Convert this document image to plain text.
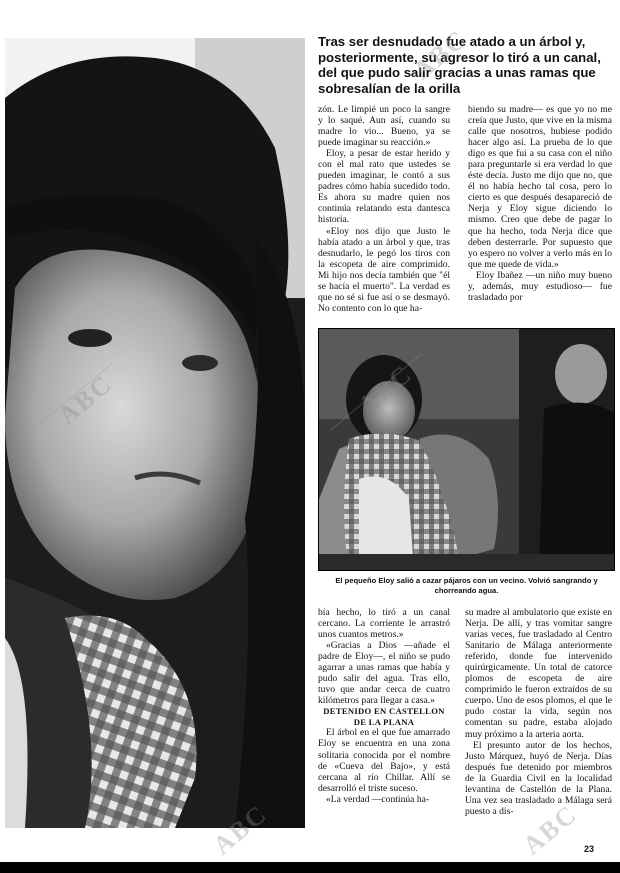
Tras ser desnudado fue atado a un árbol y, posteriormente, su agresor lo tiró a un canal, del que pudo salir gracias a unas ramas que sobresalían de la orilla

zón. Le limpié un poco la sangre y lo saqué. Aun así, cuando su madre lo vio... Bueno, ya se puede imaginar su reacción.»

Eloy, a pesar de estar herido y con el mal rato que ustedes se pueden imaginar, le contó a sus padres cómo había sucedido todo. Es ahora su madre quien nos continúa relatando esta dantesca historia.

«Eloy nos dijo que Justo le había atado a un árbol y que, tras desnudarlo, le pegó los tiros con la escopeta de aire comprimido. Mi hijo nos decía también que "él se hacía el muerto". La verdad es que no sé si fue así o se desmayó. No contento con lo que ha-

biendo su madre— es que yo no me creía que Justo, que vive en la misma calle que nosotros, hubiese podido hacer algo así. La prueba de lo que digo es que fui a su casa con el niño para preguntarle si era verdad lo que éste decía. Justo me dijo que no, que él no había hecho tal cosa, pero lo cierto es que después desapareció de Nerja y Eloy sigue diciendo lo mismo. Creo que debe de pagar lo que ha hecho, toda Nerja dice que deben desterrarle. Por supuesto que yo espero no volver a verlo más en lo que me quede de vida.»

Eloy Ibañez —un niño muy bueno y, además, muy estudioso— fue trasladado por

El pequeño Eloy salió a cazar pájaros con un vecino. Volvió sangrando y chorreando agua.

bía hecho, lo tiró a un canal cercano. La corriente le arrastró unos cuantos metros.»

«Gracias a Dios —añade el padre de Eloy—, el niño se pudo agarrar a unas ramas que había y pudo salir del agua. Tras ello, tuvo que andar cerca de cuatro kilómetros para llegar a casa.»

DETENIDO EN CASTELLON DE LA PLANA

El árbol en el que fue amarrado Eloy se encuentra en una zona solitaria conocida por el nombre de «Cueva del Bajo», y está cercana al río Chillar. Allí se desarrolló el triste suceso.

«La verdad —continúa ha-

su madre al ambulatorio que existe en Nerja. De allí, y tras vomitar sangre varias veces, fue trasladado al Centro Sanitario de Málaga anteriormente referido, donde fue intervenido quirúrgicamente. Un total de catorce plomos de escopeta de aire comprimido le fueron extraídos de su cuerpo. Uno de esos plomos, el que le pudo costar la vida, según nos comentan su padre, estaba alojado muy próximo a la arteria aorta.

El presunto autor de los hechos, Justo Márquez, huyó de Nerja. Días después fue detenido por miembros de la Guardia Civil en la localidad levantina de Castellón de la Plana. Una vez sea trasladado a Málaga será puesto a dis-

ABC
ABC
ABC
ABC	ABC 23
